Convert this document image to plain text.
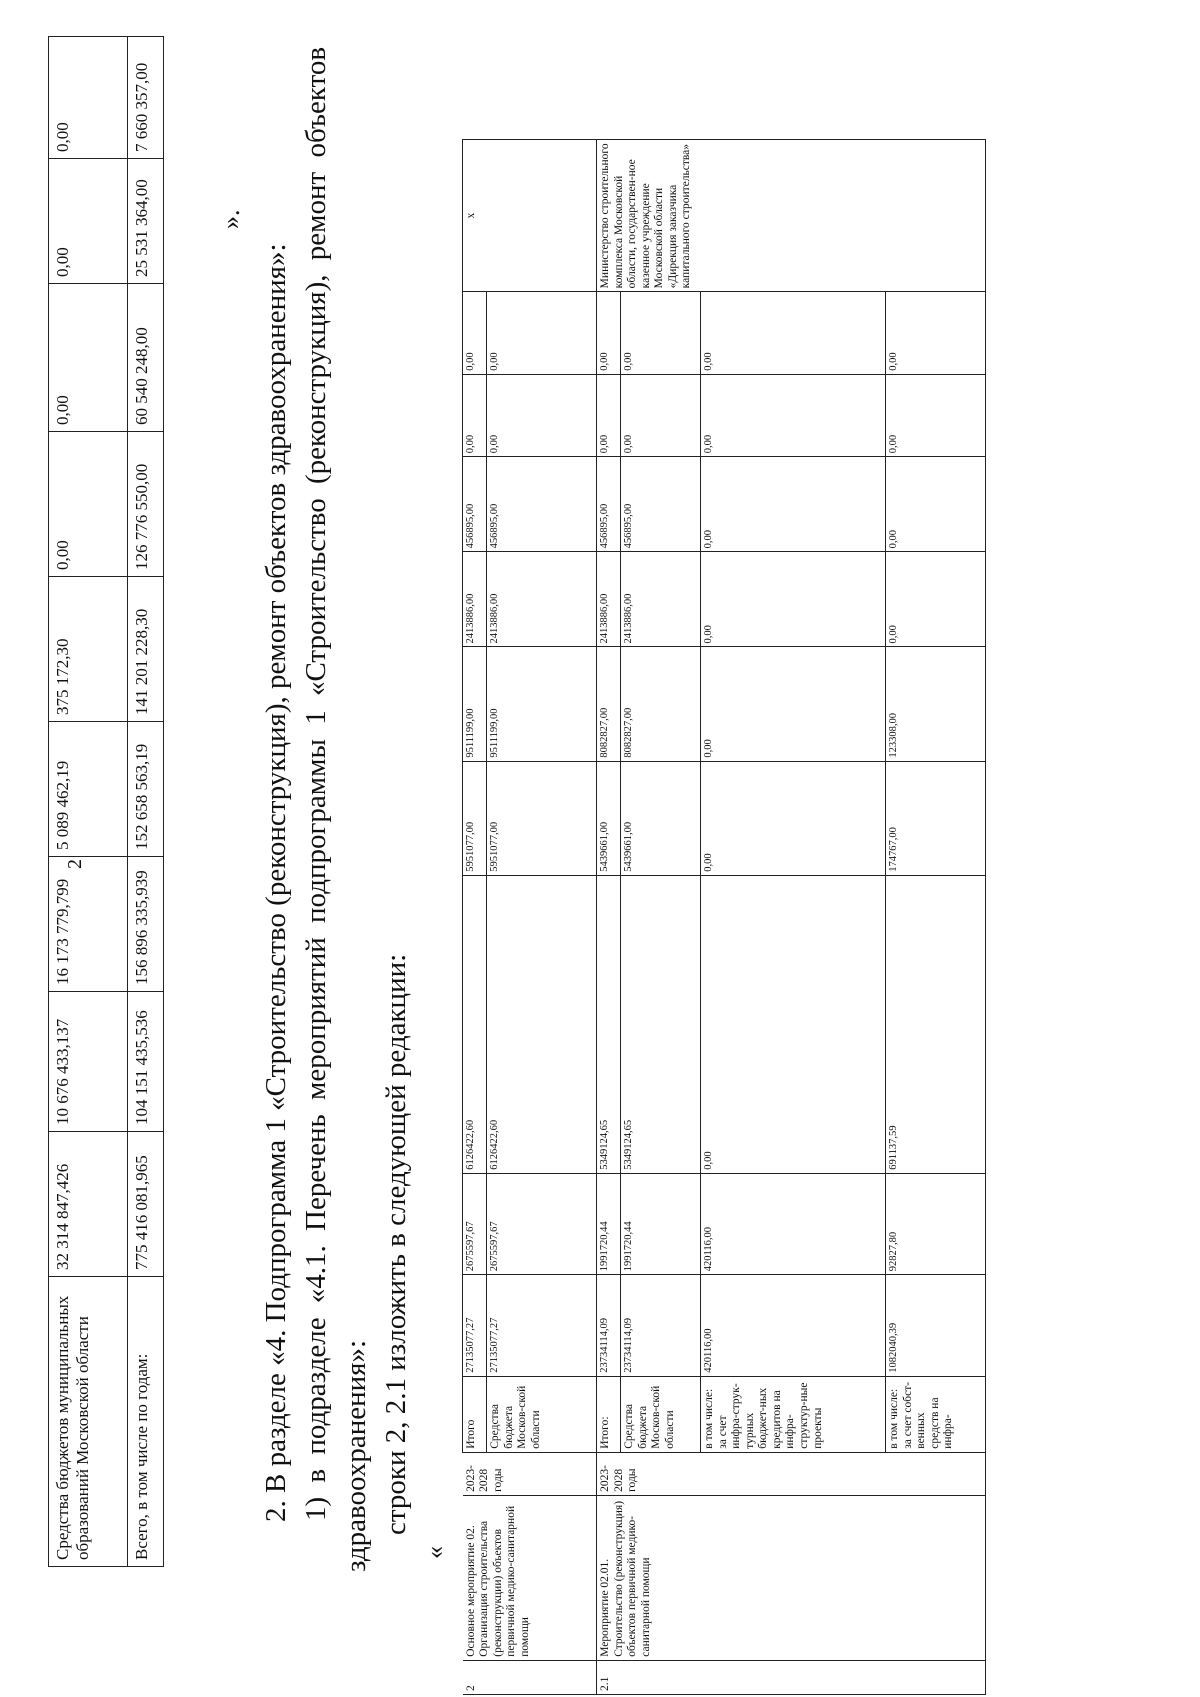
2
Средства бюджетов муниципальных образований Московской области	32 314 847,426	10 676 433,137	16 173 779,799	5 089 462,19	375 172,30	0,00	0,00	0,00	0,00
Всего, в том числе по годам:	775 416 081,965	104 151 435,536	156 896 335,939	152 658 563,19	141 201 228,30	126 776 550,00	60 540 248,00	25 531 364,00	7 660 357,00
».
2. В разделе «4. Подпрограмма 1 «Строительство (реконструкция), ремонт объектов здравоохранения»: 1) в подразделе «4.1. Перечень мероприятий подпрограммы 1 «Строительство (реконструкция), ремонт объектов здравоохранения»: строки 2, 2.1 изложить в следующей редакции:
«
2	Основное мероприятие 02. Организация строительства (реконструкции) объектов первичной медико-санитарной помощи	2023-2028 годы	Итого	27135077,27	2675597,67	6126422,60	5951077,00	9511199,00	2413886,00	456895,00	0,00	0,00	х
			Средства бюджета Москов-ской области	27135077,27	2675597,67	6126422,60	5951077,00	9511199,00	2413886,00	456895,00	0,00	0,00	
2.1	Мероприятие 02.01. Строительство (реконструкция) объектов первичной медико-санитарной помощи	2023-2028 годы	Итого:	23734114,09	1991720,44	5349124,65	5439661,00	8082827,00	2413886,00	456895,00	0,00	0,00	Министерство строительного комплекса Московской области, государствен-ное казенное учреждение Московской области «Дирекция заказчика капитального строительства»
			Средства бюджета Москов-ской области	23734114,09	1991720,44	5349124,65	5439661,00	8082827,00	2413886,00	456895,00	0,00	0,00	
			в том числе: за счет инфра-струк-турных бюджет-ных кредитов на инфра-структур-ные проекты	420116,00	420116,00	0,00	0,00	0,00	0,00	0,00	0,00	0,00	
			в том числе: за счет собст-венных средств на инфра-	1082040,39	92827,80	691137,59	174767,00	123308,00	0,00	0,00	0,00	0,00	
